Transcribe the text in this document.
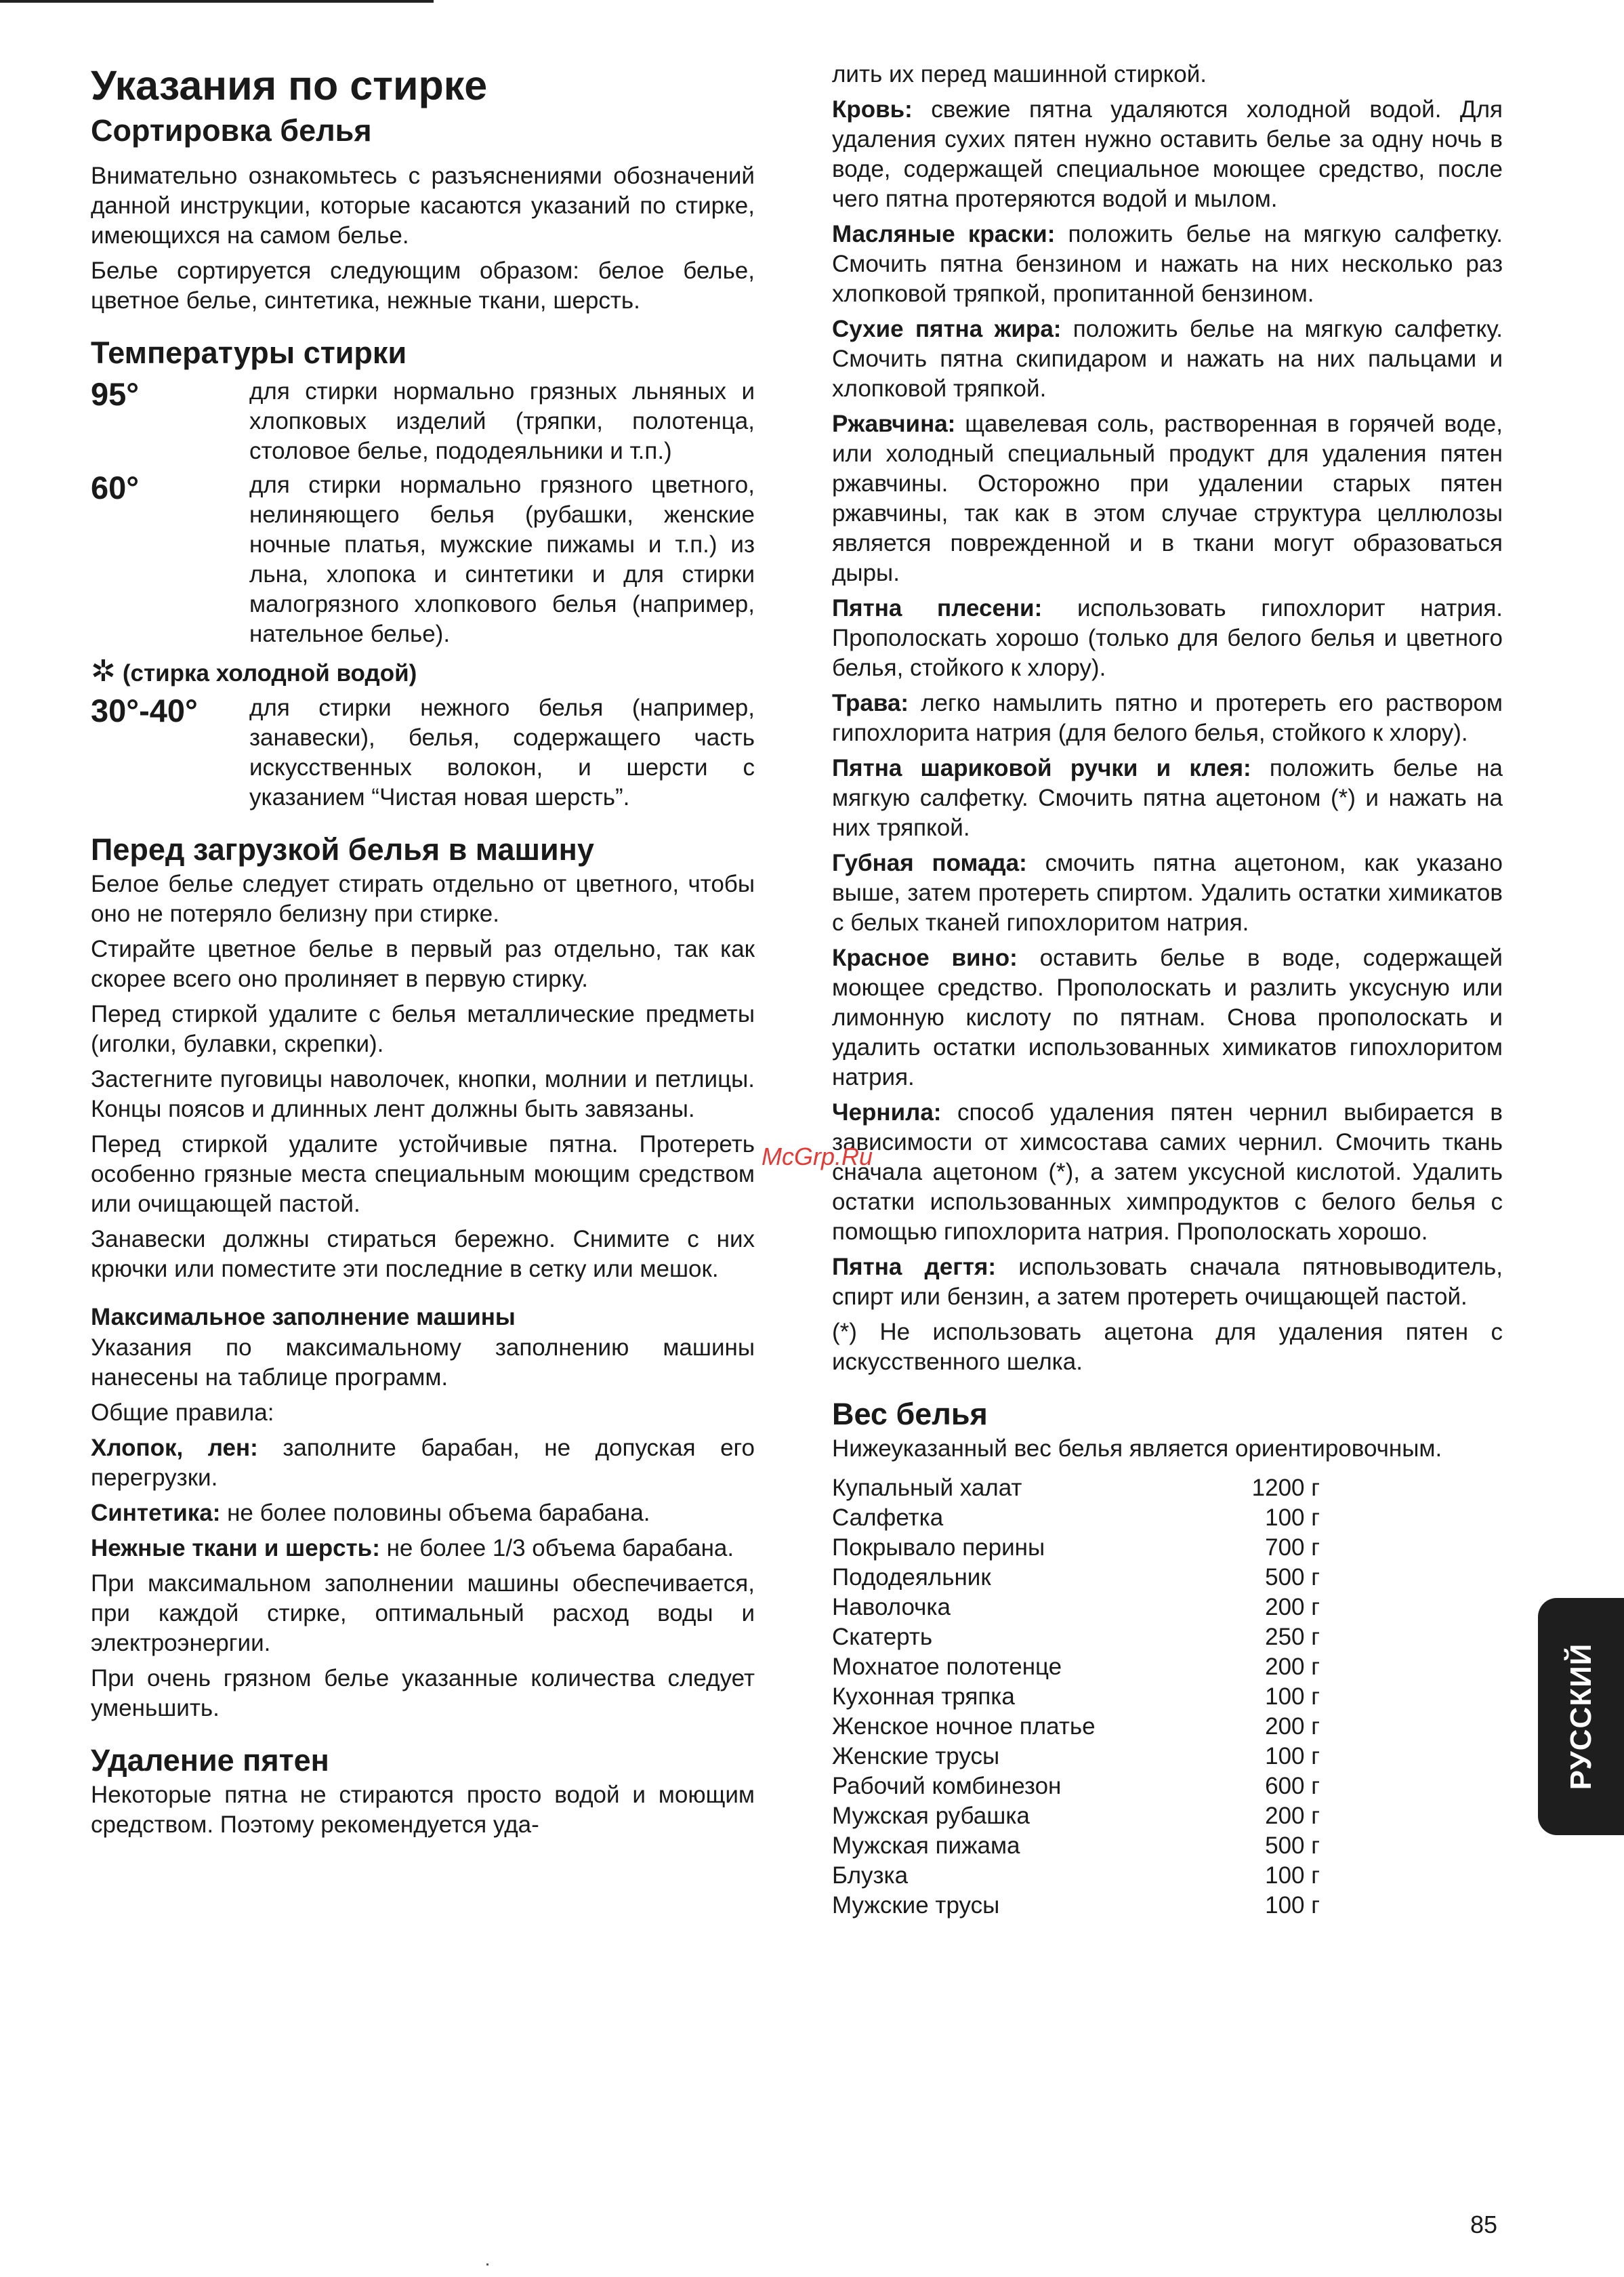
Указания по стирке
Сортировка белья

Внимательно ознакомьтесь с разъяснениями обозначений данной инструкции, которые касаются указаний по стирке, имеющихся на самом белье.

Белье сортируется следующим образом: белое белье, цветное белье, синтетика, нежные ткани, шерсть.

Температуры стирки
95°	для стирки нормально грязных льняных и хлопковых изделий (тряпки, полотенца, столовое белье, пододеяльники и т.п.)
60°	для стирки нормально грязного цветного, нелиняющего белья (рубашки, женские ночные платья, мужские пижамы и т.п.) из льна, хлопока и синтетики и для стирки малогрязного хлопкового белья (например, нательное белье).
✲ (стирка холодной водой)
30°-40°	для стирки нежного белья (например, занавески), белья, содержащего часть искусственных волокон, и шерсти с указанием “Чистая новая шерсть”.
Перед загрузкой белья в машину

Белое белье следует стирать отдельно от цветного, чтобы оно не потеряло белизну при стирке.

Стирайте цветное белье в первый раз отдельно, так как скорее всего оно пролиняет в первую стирку.

Перед стиркой удалите с белья металлические предметы (иголки, булавки, скрепки).

Застегните пуговицы наволочек, кнопки, молнии и петлицы. Концы поясов и длинных лент должны быть завязаны.

Перед стиркой удалите устойчивые пятна. Протереть особенно грязные места специальным моющим средством или очищающей пастой.

Занавески должны стираться бережно. Снимите с них крючки или поместите эти последние в сетку или мешок.

Максимальное заполнение машины

Указания по максимальному заполнению машины нанесены на таблице программ.

Общие правила:

Хлопок, лен: заполните барабан, не допуская его перегрузки.

Синтетика: не более половины объема барабана.

Нежные ткани и шерсть: не более 1/3 объема барабана.

При максимальном заполнении машины обеспечивается, при каждой стирке, оптимальный расход воды и электроэнергии.

При очень грязном белье указанные количества следует уменьшить.

Удаление пятен

Некоторые пятна не стираются просто водой и моющим средством. Поэтому рекомендуется уда-

лить их перед машинной стиркой.

Кровь: свежие пятна удаляются холодной водой. Для удаления сухих пятен нужно оставить белье за одну ночь в воде, содержащей специальное моющее средство, после чего пятна протеряются водой и мылом.

Масляные краски: положить белье на мягкую салфетку. Смочить пятна бензином и нажать на них несколько раз хлопковой тряпкой, пропитанной бензином.

Сухие пятна жира: положить белье на мягкую салфетку. Смочить пятна скипидаром и нажать на них пальцами и хлопковой тряпкой.

Ржавчина: щавелевая соль, растворенная в горячей воде, или холодный специальный продукт для удаления пятен ржавчины. Осторожно при удалении старых пятен ржавчины, так как в этом случае структура целлюлозы является поврежденной и в ткани могут образоваться дыры.

Пятна плесени: использовать гипохлорит натрия. Прополоскать хорошо (только для белого белья и цветного белья, стойкого к хлору).

Трава: легко намылить пятно и протереть его раствором гипохлорита натрия (для белого белья, стойкого к хлору).

Пятна шариковой ручки и клея: положить белье на мягкую салфетку. Смочить пятна ацетоном (*) и нажать на них тряпкой.

Губная помада: смочить пятна ацетоном, как указано выше, затем протереть спиртом. Удалить остатки химикатов с белых тканей гипохлоритом натрия.

Красное вино: оставить белье в воде, содержащей моющее средство. Прополоскать и разлить уксусную или лимонную кислоту по пятнам. Снова прополоскать и удалить остатки использованных химикатов гипохлоритом натрия.

Чернила: способ удаления пятен чернил выбирается в зависимости от химсостава самих чернил. Смочить ткань сначала ацетоном (*), а затем уксусной кислотой. Удалить остатки использованных химпродуктов с белого белья с помощью гипохлорита натрия. Прополоскать хорошо.

Пятна дегтя: использовать сначала пятновыводитель, спирт или бензин, а затем протереть очищающей пастой.

(*) Не использовать ацетона для удаления пятен с искусственного шелка.

Вес белья

Нижеуказанный вес белья является ориентировочным.

Купальный халат	1200 г
Салфетка	100 г
Покрывало перины	700 г
Пододеяльник	500 г
Наволочка	200 г
Скатерть	250 г
Мохнатое полотенце	200 г
Кухонная тряпка	100 г
Женское ночное платье	200 г
Женские трусы	100 г
Рабочий комбинезон	600 г
Мужская рубашка	200 г
Мужская пижама	500 г
Блузка	100 г
Мужские трусы	100 г
McGrp.Ru
РУССКИЙ
85
